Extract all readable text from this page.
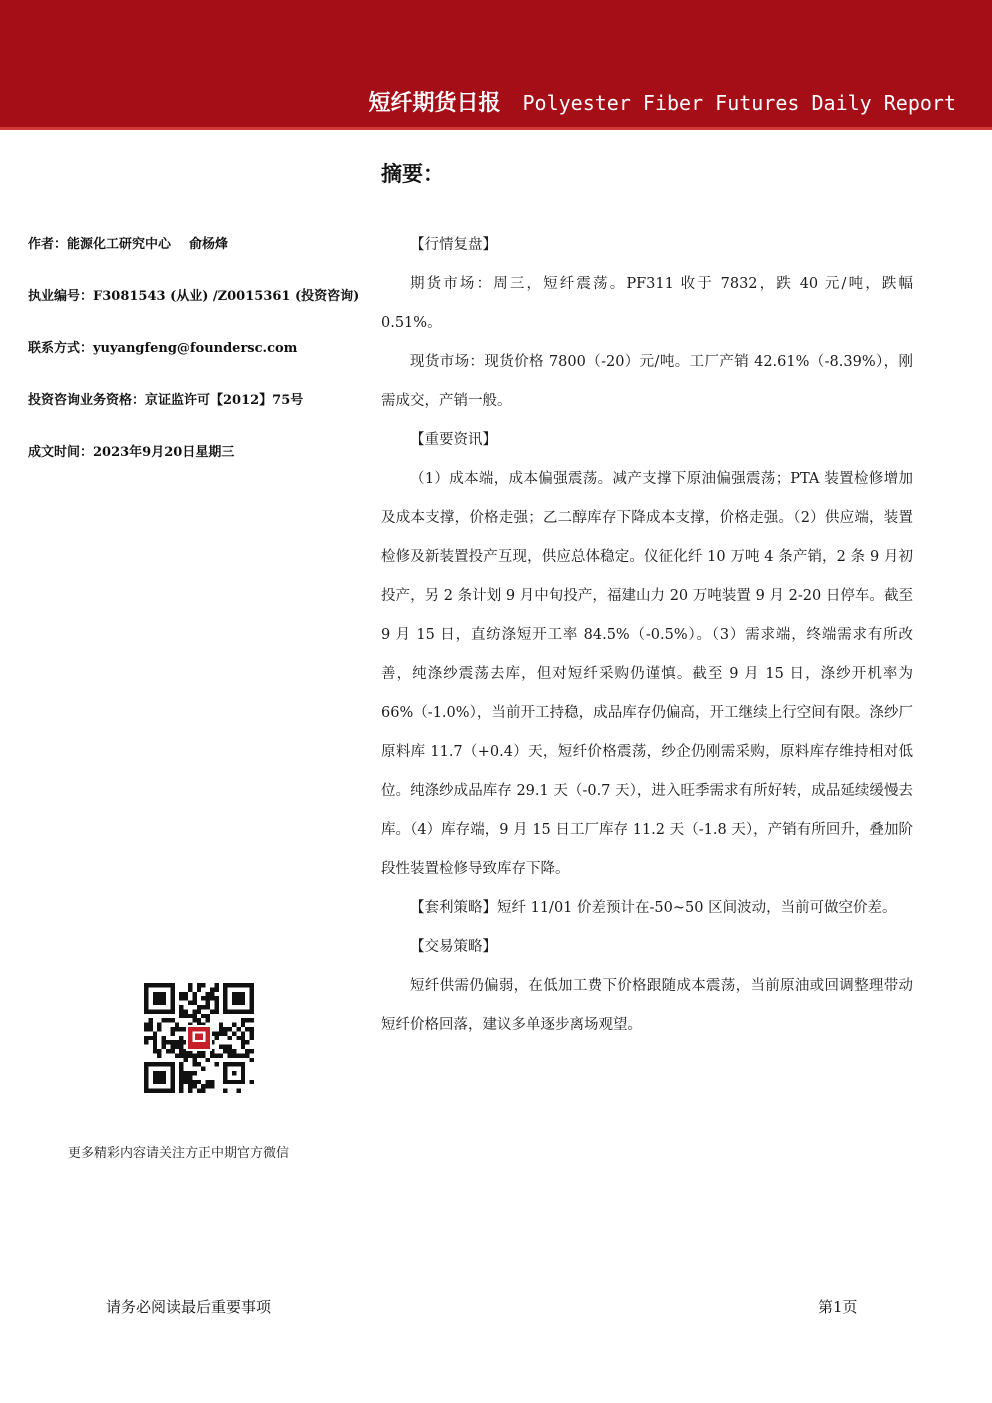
短纤期货日报 Polyester Fiber Futures Daily Report
作者：能源化工研究中心 俞杨烽
执业编号：F3081543 (从业) /Z0015361 (投资咨询)
联系方式：yuyangfeng@foundersc.com
投资咨询业务资格：京证监许可【2012】75号
成文时间：2023年9月20日星期三
更多精彩内容请关注方正中期官方微信
摘要：

【行情复盘】

期货市场：周三，短纤震荡。PF311 收于 7832，跌 40 元/吨，跌幅 0.51%。

现货市场：现货价格 7800（-20）元/吨。工厂产销 42.61%（-8.39%），刚需成交，产销一般。

【重要资讯】

（1）成本端，成本偏强震荡。减产支撑下原油偏强震荡；PTA 装置检修增加及成本支撑，价格走强；乙二醇库存下降成本支撑，价格走强。（2）供应端，装置检修及新装置投产互现，供应总体稳定。仪征化纤 10 万吨 4 条产销，2 条 9 月初投产，另 2 条计划 9 月中旬投产，福建山力 20 万吨装置 9 月 2-20 日停车。截至 9 月 15 日，直纺涤短开工率 84.5%（-0.5%）。（3）需求端，终端需求有所改善，纯涤纱震荡去库，但对短纤采购仍谨慎。截至 9 月 15 日，涤纱开机率为 66%（-1.0%），当前开工持稳，成品库存仍偏高，开工继续上行空间有限。涤纱厂原料库 11.7（+0.4）天，短纤价格震荡，纱企仍刚需采购，原料库存维持相对低位。纯涤纱成品库存 29.1 天（-0.7 天），进入旺季需求有所好转，成品延续缓慢去库。（4）库存端，9 月 15 日工厂库存 11.2 天（-1.8 天），产销有所回升，叠加阶段性装置检修导致库存下降。

【套利策略】短纤 11/01 价差预计在-50~50 区间波动，当前可做空价差。

【交易策略】

短纤供需仍偏弱，在低加工费下价格跟随成本震荡，当前原油或回调整理带动短纤价格回落，建议多单逐步离场观望。

请务必阅读最后重要事项	第1页
